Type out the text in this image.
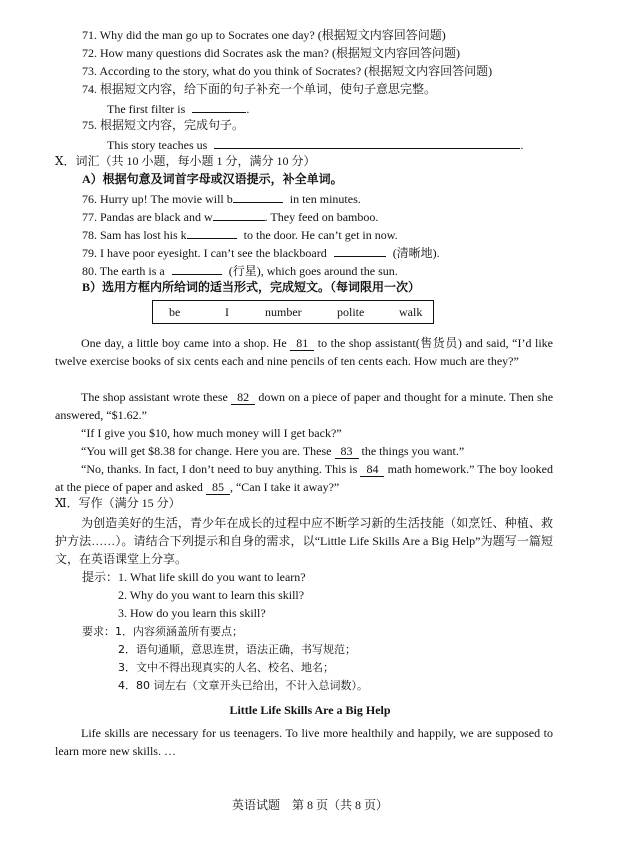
71. Why did the man go up to Socrates one day? (根据短文内容回答问题)
72. How many questions did Socrates ask the man? (根据短文内容回答问题)
73. According to the story, what do you think of Socrates? (根据短文内容回答问题)
74. 根据短文内容，给下面的句子补充一个单词，使句子意思完整。
The first filter is	.
75. 根据短文内容，完成句子。
This story teaches us	.
Ⅹ．词汇（共 10 小题，每小题 1 分，满分 10 分）
A）根据句意及词首字母或汉语提示，补全单词。
76. Hurry up! The movie will b	in ten minutes.
77. Pandas are black and w	. They feed on bamboo.
78. Sam has lost his k	to the door. He can’t get in now.
79. I have poor eyesight. I can’t see the blackboard	(清晰地).
80. The earth is a	(行星), which goes around the sun.
B）选用方框内所给词的适当形式，完成短文。（每词限用一次）
be	I	number	polite	walk
One day, a little boy came into a shop. He 81 to the shop assistant(售货员) and said, “I’d like twelve exercise books of six cents each and nine pencils of ten cents each. How much are they?”
The shop assistant wrote these 82 down on a piece of paper and thought for a minute. Then she answered, “$1.62.”
“If I give you $10, how much money will I get back?”
“You will get $8.38 for change. Here you are. These 83 the things you want.”
“No, thanks. In fact, I don’t need to buy anything. This is 84 math homework.” The boy looked at the piece of paper and asked 85 , “Can I take it away?”
Ⅺ．写作（满分 15 分）
为创造美好的生活，青少年在成长的过程中应不断学习新的生活技能（如烹饪、种植、救护方法……）。请结合下列提示和自身的需求，以“Little Life Skills Are a Big Help”为题写一篇短文，在英语课堂上分享。
提示：1. What life skill do you want to learn?
2. Why do you want to learn this skill?
3. How do you learn this skill?
要求：1．内容须涵盖所有要点；
2．语句通顺，意思连贯，语法正确，书写规范；
3．文中不得出现真实的人名、校名、地名；
4．80 词左右（文章开头已给出，不计入总词数）。
Little Life Skills Are a Big Help
Life skills are necessary for us teenagers. To live more healthily and happily, we are supposed to learn more new skills. …
英语试题　第 8 页（共 8 页）
